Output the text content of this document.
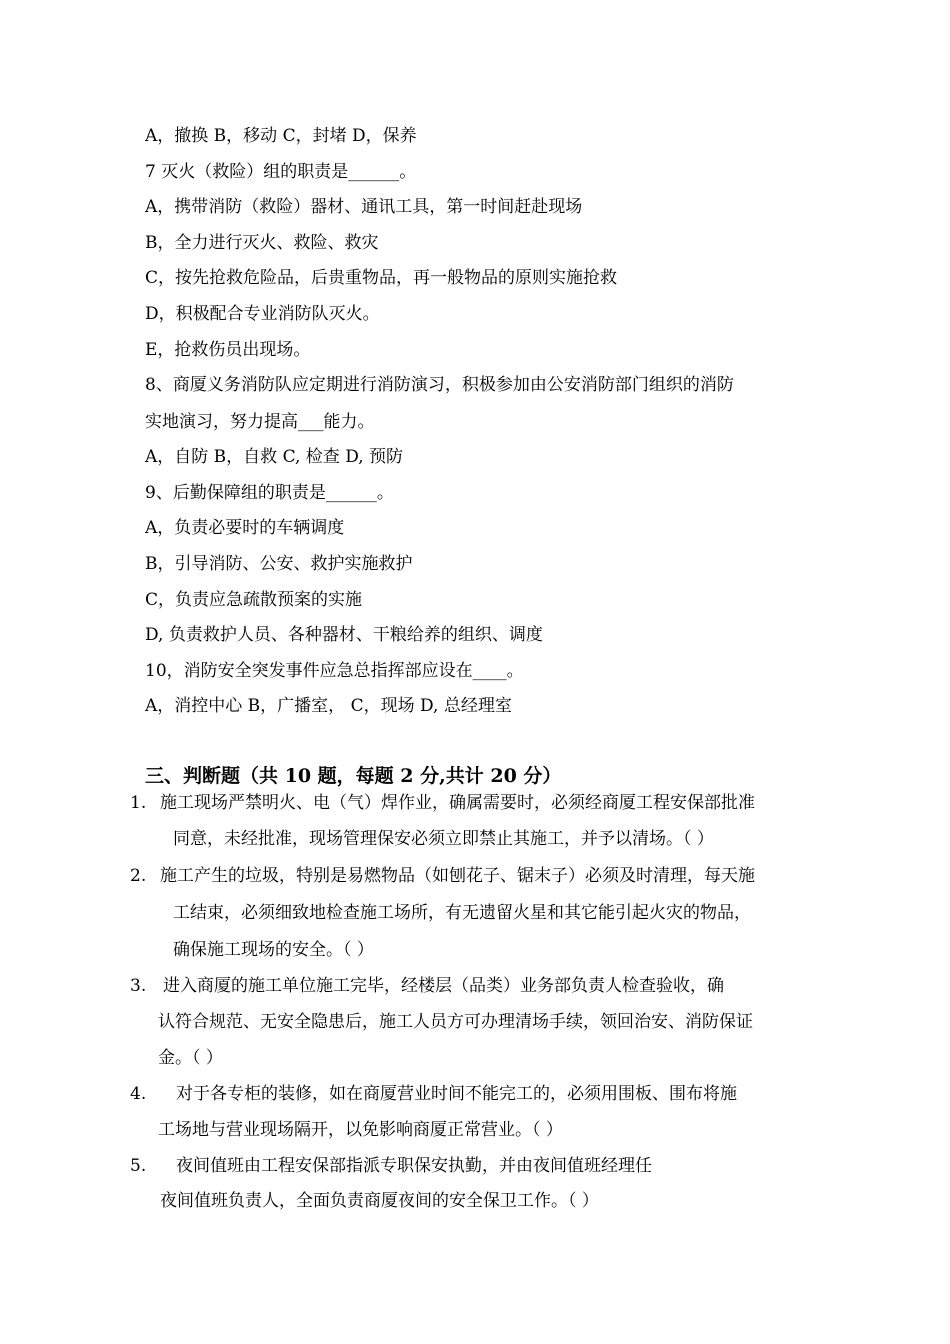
A，撤换 B，移动 C，封堵 D，保养
7 灭火（救险）组的职责是______。
A，携带消防（救险）器材、通讯工具，第一时间赶赴现场
B，全力进行灭火、救险、救灾
C，按先抢救危险品，后贵重物品，再一般物品的原则实施抢救
D，积极配合专业消防队灭火。
E，抢救伤员出现场。
8、商厦义务消防队应定期进行消防演习，积极参加由公安消防部门组织的消防
实地演习，努力提高___能力。
A，自防 B，自救 C, 检查 D, 预防
9、后勤保障组的职责是______。
A，负责必要时的车辆调度
B，引导消防、公安、救护实施救护
C，负责应急疏散预案的实施
D, 负责救护人员、各种器材、干粮给养的组织、调度
10，消防安全突发事件应急总指挥部应设在____。
A，消控中心 B，广播室， C，现场 D, 总经理室
三、判断题（共 10 题，每题 2 分,共计 20 分）
1. 施工现场严禁明火、电（气）焊作业，确属需要时，必须经商厦工程安保部批准
同意，未经批准，现场管理保安必须立即禁止其施工，并予以清场。（ ）
2. 施工产生的垃圾，特别是易燃物品（如刨花子、锯末子）必须及时清理，每天施
工结束，必须细致地检查施工场所，有无遗留火星和其它能引起火灾的物品，
确保施工现场的安全。（ ）
3. 进入商厦的施工单位施工完毕，经楼层（品类）业务部负责人检查验收，确
认符合规范、无安全隐患后，施工人员方可办理清场手续，领回治安、消防保证
金。（ ）
4. 对于各专柜的装修，如在商厦营业时间不能完工的，必须用围板、围布将施
工场地与营业现场隔开，以免影响商厦正常营业。（ ）
5. 夜间值班由工程安保部指派专职保安执勤，并由夜间值班经理任
夜间值班负责人，全面负责商厦夜间的安全保卫工作。（ ）
